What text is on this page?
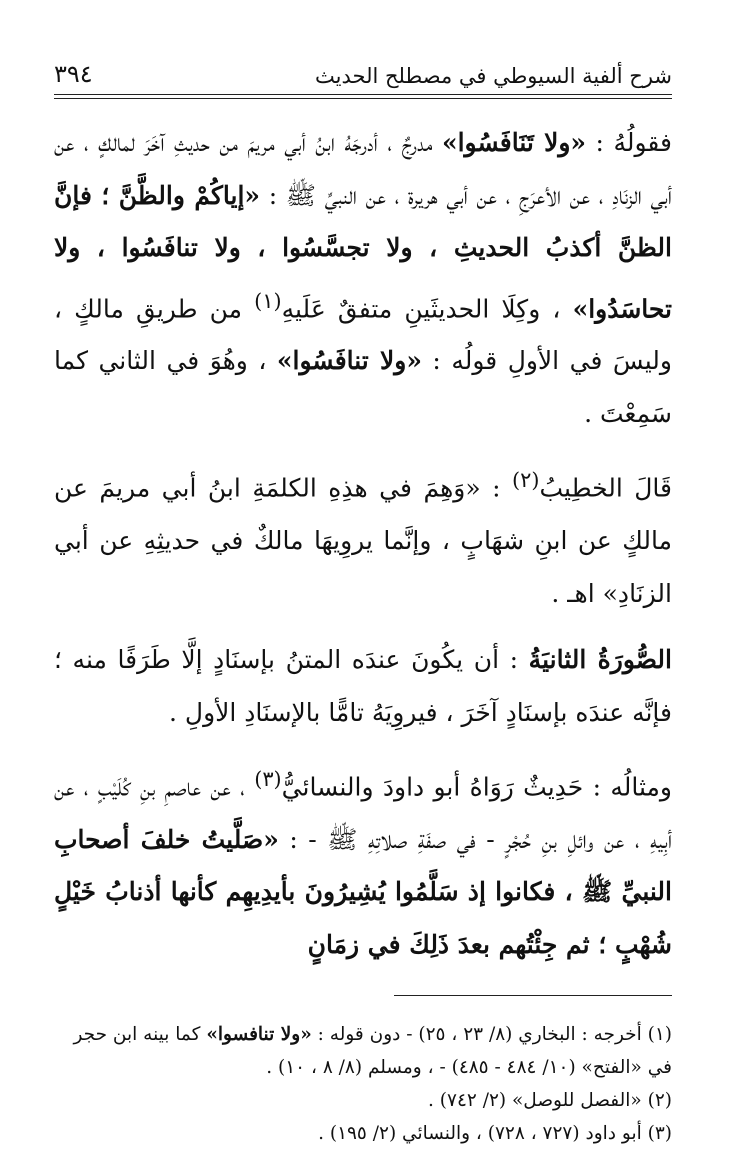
شرح ألفية السيوطي في مصطلح الحديث
٣٩٤

فقولُهُ : «ولا تَنَافَسُوا» مدرجٌ ، أدرجَهُ ابنُ أبي مريمَ من حديثِ آخَرَ لمالكٍ ، عن أبي الزنَادِ ، عن الأعرَجِ ، عن أبي هريرة ، عن النبيِّ ﷺ : «إياكُمْ والظَّنَّ ؛ فإنَّ الظنَّ أكذبُ الحديثِ ، ولا تجسَّسُوا ، ولا تنافَسُوا ، ولا تحاسَدُوا» ، وكِلَا الحديثَينِ متفقٌ عَلَيهِ$^{(١)}$ من طريقِ مالكٍ ، وليسَ في الأولِ قولُه : «ولا تنافَسُوا» ، وهُوَ في الثاني كما سَمِعْتَ .

قَالَ الخطِيبُ$^{(٢)}$ : «وَهِمَ في هذِهِ الكلمَةِ ابنُ أبي مريمَ عن مالكٍ عن ابنِ شهَابٍ ، وإنَّما يروِيهَا مالكٌ في حديثِهِ عن أبي الزنَادِ» اهـ .

الصُّورَةُ الثانيَةُ : أن يكُونَ عندَه المتنُ بإسنَادٍ إلَّا طَرَفًا منه ؛ فإنَّه عندَه بإسنَادٍ آخَرَ ، فيروِيَهُ تامًّا بالإسنَادِ الأولِ .

ومثالُه : حَدِيثٌ رَوَاهُ أبو داودَ والنسائيُّ$^{(٣)}$ ، عن عاصمِ بنِ كُلَيْبٍ ، عن أبِيهِ ، عن وائلِ بنِ حُجْرٍ - في صفَةِ صلاتِهِ ﷺ - : «صَلَّيتُ خلفَ أصحابِ النبيِّ ﷺ ، فكانوا إذ سَلَّمُوا يُشِيرُونَ بأيدِيهِم كأنها أذنابُ خَيْلٍ شُهْبٍ ؛ ثم جِئْتُهم بعدَ ذَلِكَ في زمَانٍ

(١) أخرجه : البخاري (٨/ ٢٣ ، ٢٥) - دون قوله : «ولا تنافسوا» كما بينه ابن حجر في «الفتح» (١٠/ ٤٨٤ - ٤٨٥) - ، ومسلم (٨/ ٨ ، ١٠) .

(٢) «الفصل للوصل» (٢/ ٧٤٢) .

(٣) أبو داود (٧٢٧ ، ٧٢٨) ، والنسائي (٢/ ١٩٥) .
